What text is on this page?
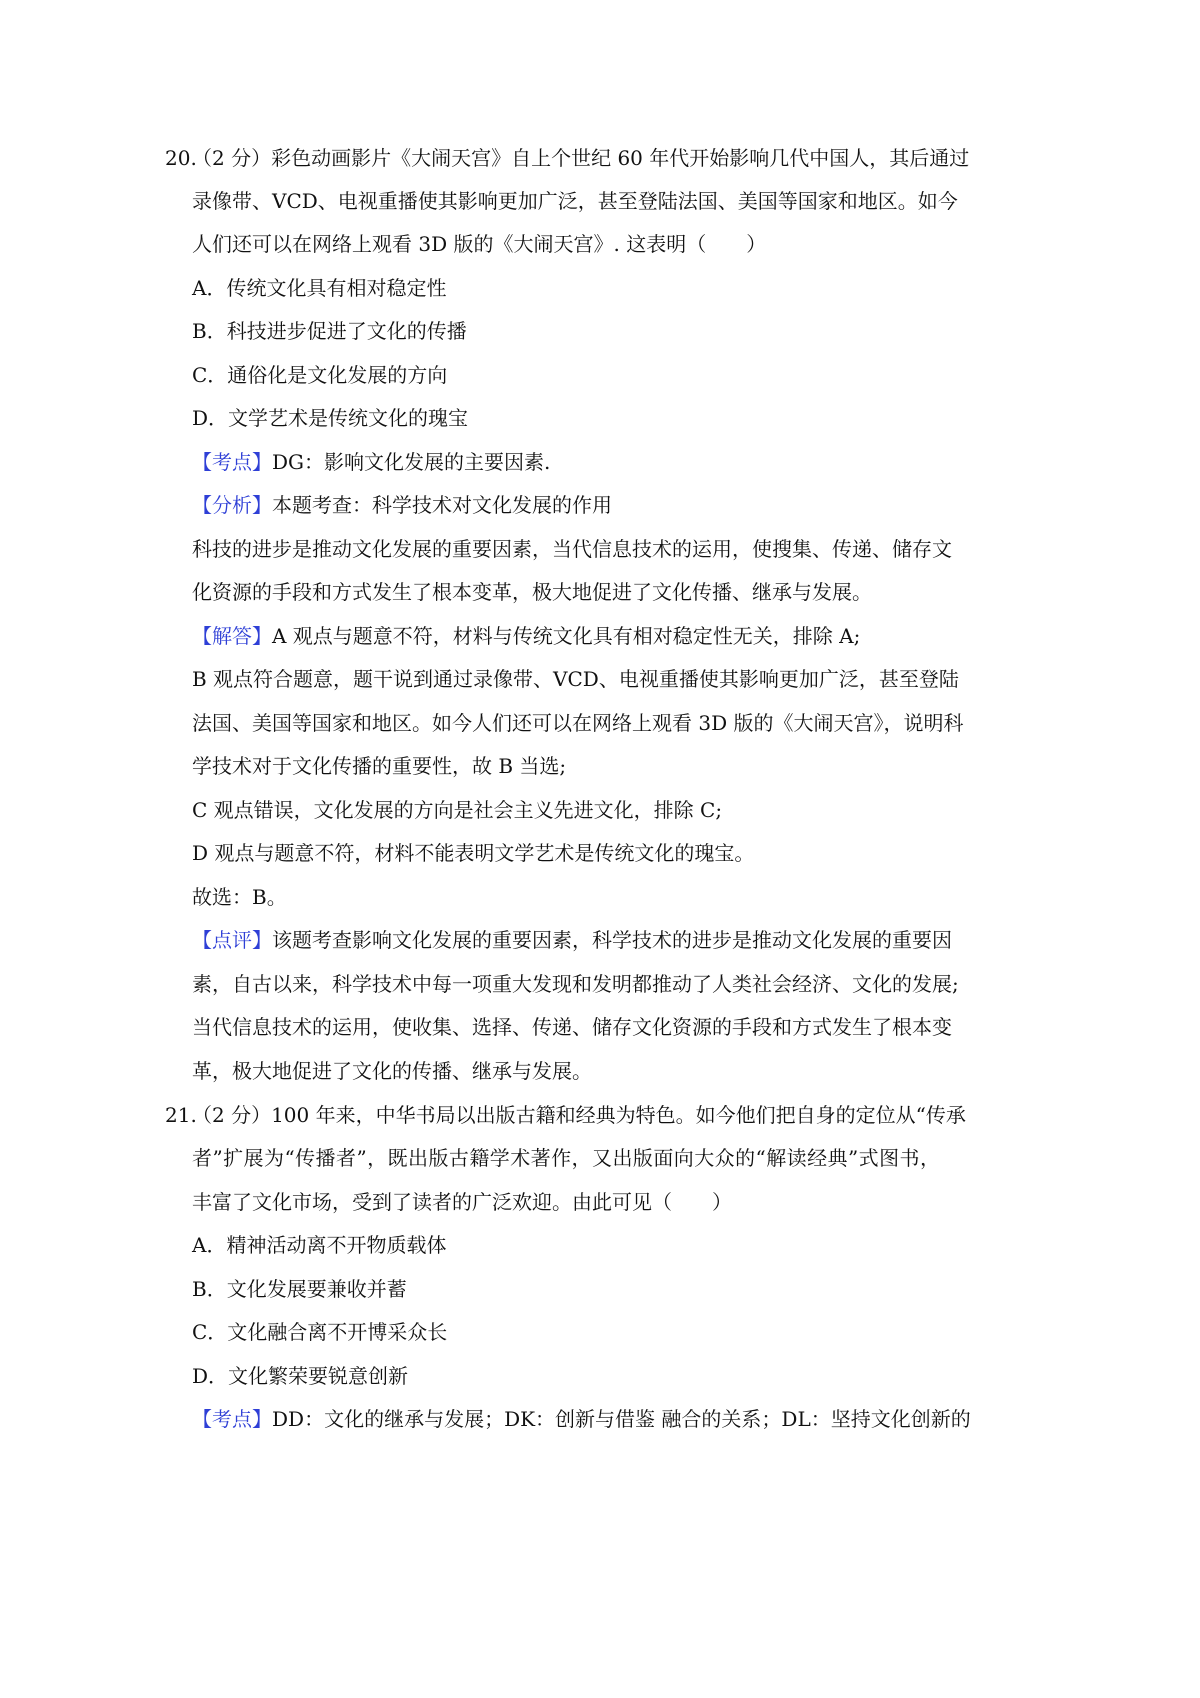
20.
（2 分）彩色动画影片《大闹天宫》自上个世纪 60 年代开始影响几代中国人，其后通过
录像带、VCD、电视重播使其影响更加广泛，甚至登陆法国、美国等国家和地区。如今
人们还可以在网络上观看 3D 版的《大闹天宫》. 这表明（　　）
A．传统文化具有相对稳定性
B．科技进步促进了文化的传播
C．通俗化是文化发展的方向
D．文学艺术是传统文化的瑰宝
【考点】DG：影响文化发展的主要因素.
【分析】本题考查：科学技术对文化发展的作用
科技的进步是推动文化发展的重要因素，当代信息技术的运用，使搜集、传递、储存文
化资源的手段和方式发生了根本变革，极大地促进了文化传播、继承与发展。
【解答】A 观点与题意不符，材料与传统文化具有相对稳定性无关，排除 A;
B 观点符合题意，题干说到通过录像带、VCD、电视重播使其影响更加广泛，甚至登陆
法国、美国等国家和地区。如今人们还可以在网络上观看 3D 版的《大闹天宫》，说明科
学技术对于文化传播的重要性，故 B 当选;
C 观点错误，文化发展的方向是社会主义先进文化，排除 C;
D 观点与题意不符，材料不能表明文学艺术是传统文化的瑰宝。
故选：B。
【点评】该题考查影响文化发展的重要因素，科学技术的进步是推动文化发展的重要因
素，自古以来，科学技术中每一项重大发现和发明都推动了人类社会经济、文化的发展;
当代信息技术的运用，使收集、选择、传递、储存文化资源的手段和方式发生了根本变
革，极大地促进了文化的传播、继承与发展。
21.
（2 分）100 年来，中华书局以出版古籍和经典为特色。如今他们把自身的定位从“传承
者”扩展为“传播者”，既出版古籍学术著作，又出版面向大众的“解读经典”式图书，
丰富了文化市场，受到了读者的广泛欢迎。由此可见（　　）
A．精神活动离不开物质载体
B．文化发展要兼收并蓄
C．文化融合离不开博采众长
D．文化繁荣要锐意创新
【考点】DD：文化的继承与发展；DK：创新与借鉴 融合的关系；DL：坚持文化创新的
